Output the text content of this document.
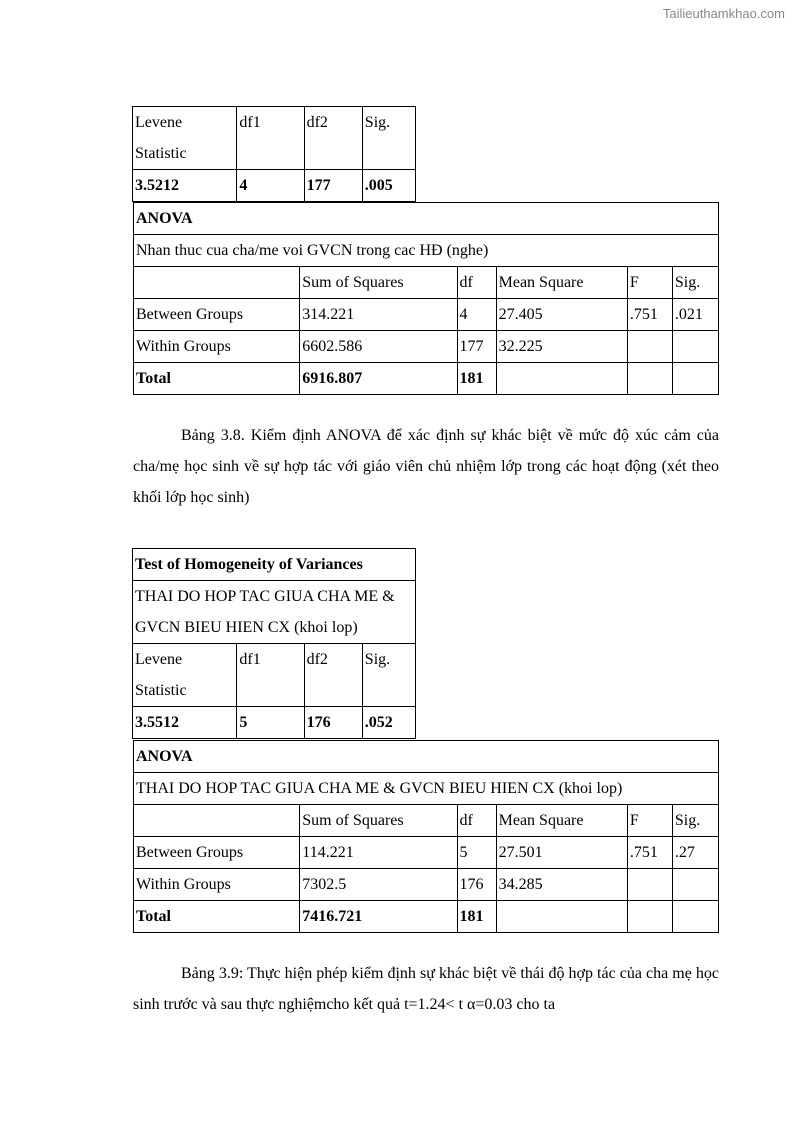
Tailieuthamkhao.com
Levene Statistic	df1	df2	Sig.
3.5212	4	177	.005
ANOVA					
Nhan thuc cua cha/me voi GVCN trong cac HĐ (nghe)					
	Sum of Squares	df	Mean Square	F	Sig.
Between Groups	314.221	4	27.405	.751	.021
Within Groups	6602.586	177	32.225		
Total	6916.807	181			

Bảng 3.8. Kiểm định ANOVA để xác định sự khác biệt về mức độ xúc cảm của cha/mẹ học sinh về sự hợp tác với giáo viên chủ nhiệm lớp trong các hoạt động (xét theo khối lớp học sinh)

Test of Homogeneity of Variances			
THAI DO HOP TAC GIUA CHA ME & GVCN BIEU HIEN CX (khoi lop)			
Levene Statistic	df1	df2	Sig.
3.5512	5	176	.052
ANOVA					
THAI DO HOP TAC GIUA CHA ME & GVCN BIEU HIEN CX (khoi lop)					
	Sum of Squares	df	Mean Square	F	Sig.
Between Groups	114.221	5	27.501	.751	.27
Within Groups	7302.5	176	34.285		
Total	7416.721	181			

Bảng 3.9: Thực hiện phép kiểm định sự khác biệt về thái độ hợp tác của cha mẹ học sinh trước và sau thực nghiệmcho kết quả t=1.24< t α=0.03 cho ta
